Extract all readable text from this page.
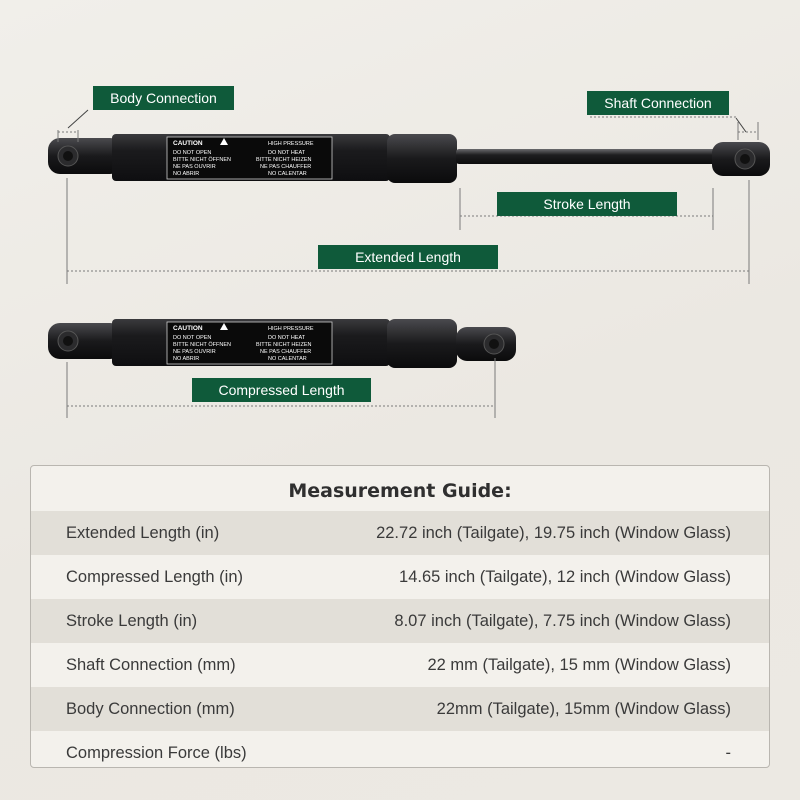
CAUTION
DO NOT OPEN
BITTE NICHT ÖFFNEN
NE PAS OUVRIR
NO ABRIR
HIGH PRESSURE
DO NOT HEAT
BITTE NICHT HEIZEN
NE PAS CHAUFFER
NO CALENTAR
CAUTION
DO NOT OPEN
BITTE NICHT ÖFFNEN
NE PAS OUVRIR
NO ABRIR
HIGH PRESSURE
DO NOT HEAT
BITTE NICHT HEIZEN
NE PAS CHAUFFER
NO CALENTAR
Body Connection	Shaft Connection
Stroke Length
Extended Length
Compressed Length
Measurement Guide:
Extended Length (in)	22.72 inch (Tailgate), 19.75 inch (Window Glass)
Compressed Length (in)	14.65 inch (Tailgate), 12 inch (Window Glass)
Stroke Length (in)	8.07 inch (Tailgate), 7.75 inch (Window Glass)
Shaft Connection (mm)	22 mm (Tailgate), 15 mm (Window Glass)
Body Connection (mm)	22mm (Tailgate), 15mm (Window Glass)
Compression Force (lbs)	-
